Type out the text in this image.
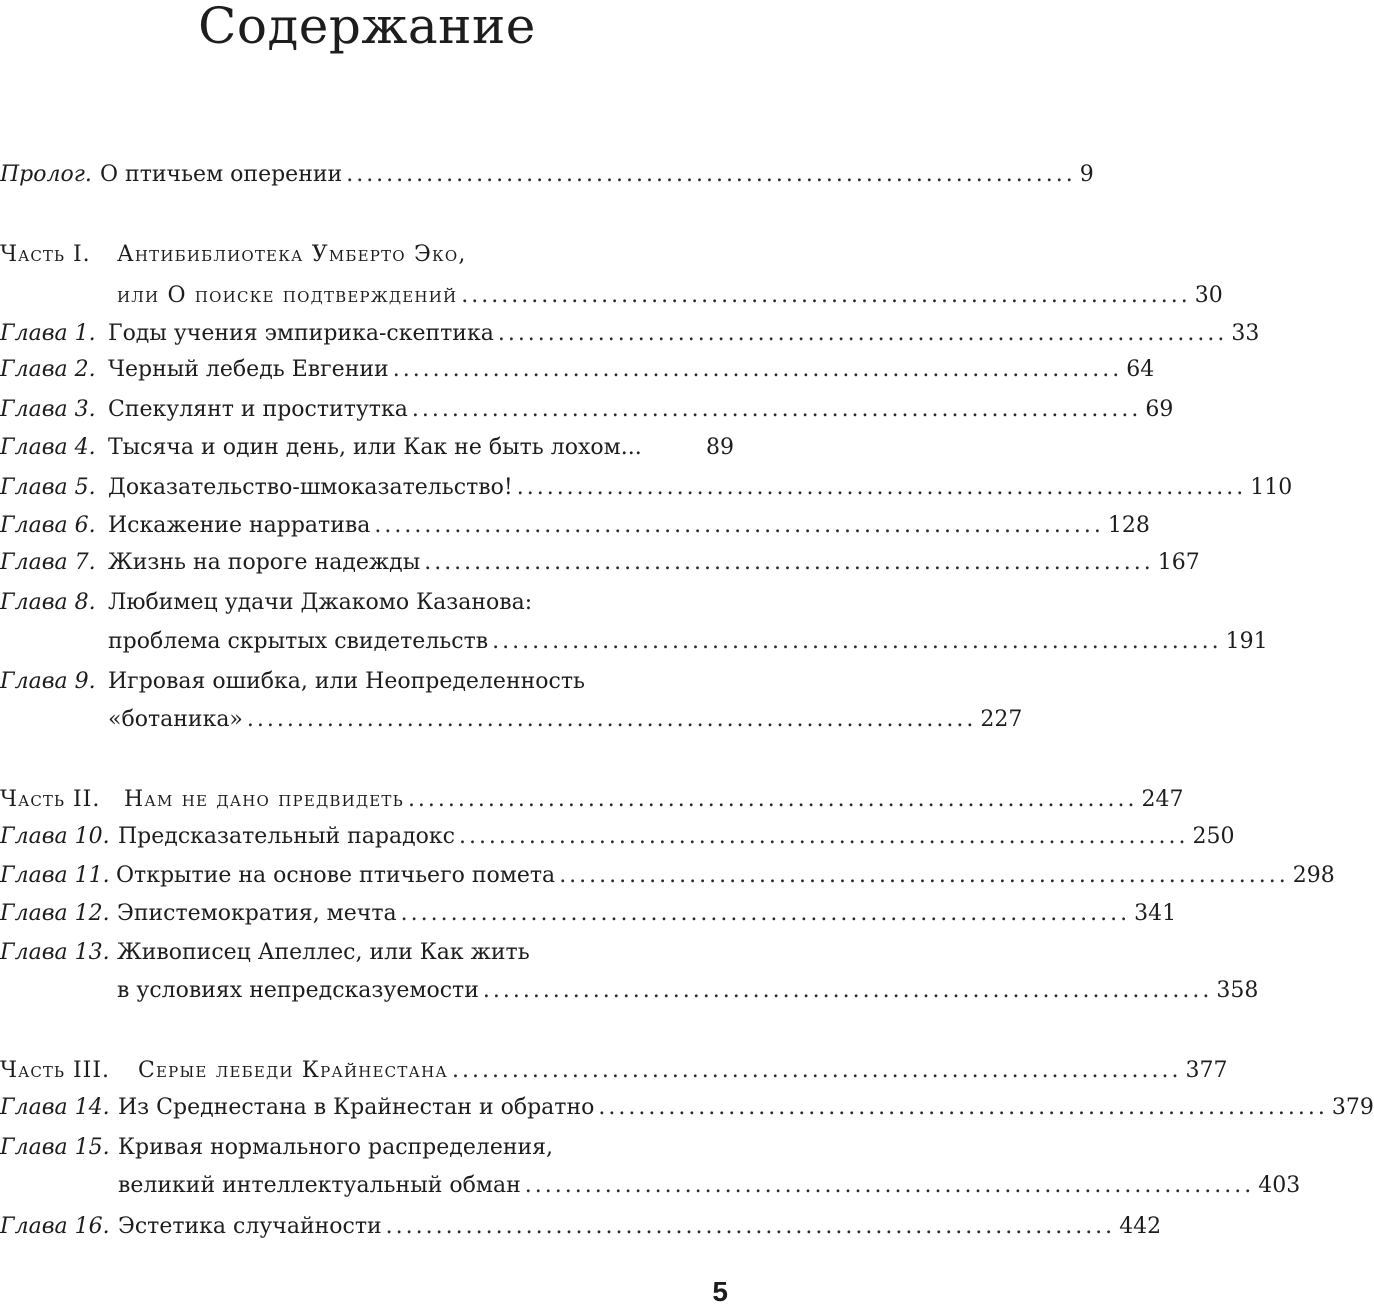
Содержание
Пролог. О птичьем оперении ......................................................................... 9
Часть I. Антибиблиотека Умберто Эко,
или О поиске подтверждений ......................................................................... 30
Глава 1. Годы учения эмпирика-скептика ......................................................................... 33
Глава 2. Черный лебедь Евгении ......................................................................... 64
Глава 3. Спекулянт и проститутка ......................................................................... 69
Глава 4. Тысяча и один день, или Как не быть лохом...	89
Глава 5. Доказательство-шмоказательство! ......................................................................... 110
Глава 6. Искажение нарратива ......................................................................... 128
Глава 7. Жизнь на пороге надежды ......................................................................... 167
Глава 8. Любимец удачи Джакомо Казанова:
проблема скрытых свидетельств ......................................................................... 191
Глава 9. Игровая ошибка, или Неопределенность
«ботаника» ......................................................................... 227
Часть II. Нам не дано предвидеть ......................................................................... 247
Глава 10. Предсказательный парадокс ......................................................................... 250
Глава 11. Открытие на основе птичьего помета ......................................................................... 298
Глава 12. Эпистемократия, мечта ......................................................................... 341
Глава 13. Живописец Апеллес, или Как жить
в условиях непредсказуемости ......................................................................... 358
Часть III. Серые лебеди Крайнестана ......................................................................... 377
Глава 14. Из Среднестана в Крайнестан и обратно ......................................................................... 379
Глава 15. Кривая нормального распределения,
великий интеллектуальный обман ......................................................................... 403
Глава 16. Эстетика случайности ......................................................................... 442
5
